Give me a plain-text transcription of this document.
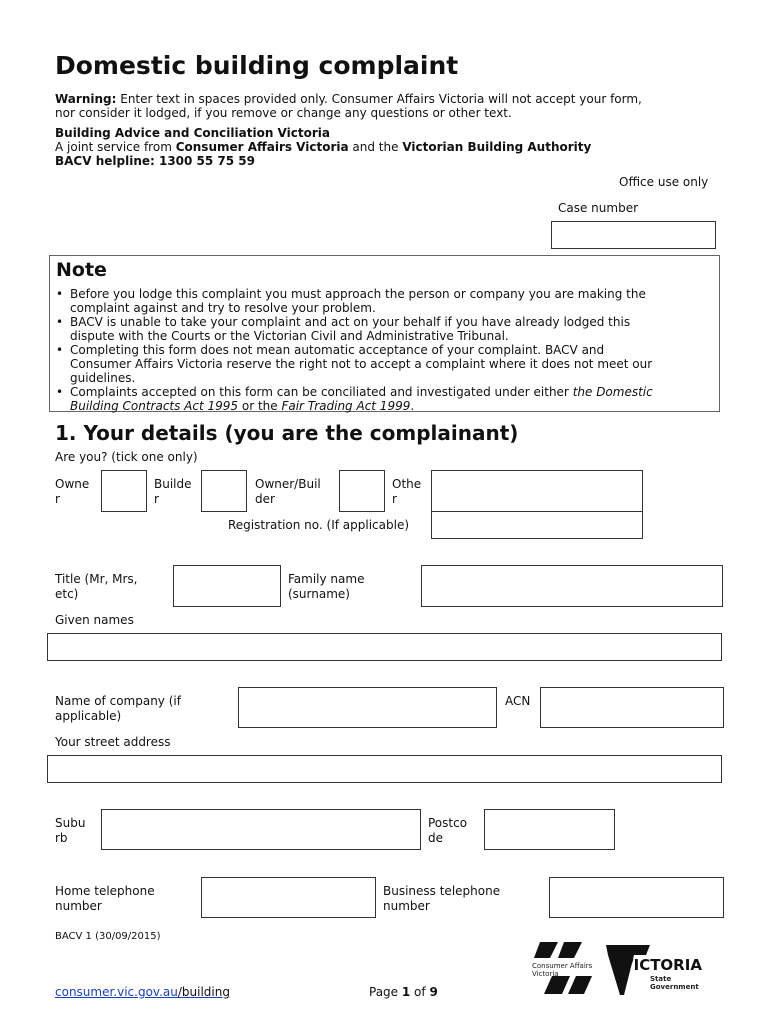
Domestic building complaint
Warning: Enter text in spaces provided only. Consumer Affairs Victoria will not accept your form,
nor consider it lodged, if you remove or change any questions or other text.
Building Advice and Conciliation Victoria
A joint service from Consumer Affairs Victoria and the Victorian Building Authority
BACV helpline: 1300 55 75 59
Office use only
Case number
Note
• Before you lodge this complaint you must approach the person or company you are making the
complaint against and try to resolve your problem.
• BACV is unable to take your complaint and act on your behalf if you have already lodged this
dispute with the Courts or the Victorian Civil and Administrative Tribunal.
• Completing this form does not mean automatic acceptance of your complaint. BACV and
Consumer Affairs Victoria reserve the right not to accept a complaint where it does not meet our
guidelines.
• Complaints accepted on this form can be conciliated and investigated under either the Domestic
Building Contracts Act 1995 or the Fair Trading Act 1999.
1. Your details (you are the complainant)
Are you? (tick one only)
Owne
r
Builde
r
Owner/Buil
der
Othe
r
Registration no. (If applicable)
Title (Mr, Mrs,
etc)
Family name
(surname)
Given names
Name of company (if
applicable)
ACN
Your street address
Subu
rb
Postco
de
Home telephone
number
Business telephone
number
BACV 1 (30/09/2015)
consumer.vic.gov.au/building	Page 1 of 9
Consumer Affairs
Victoria	VICTORIA
State
Government
